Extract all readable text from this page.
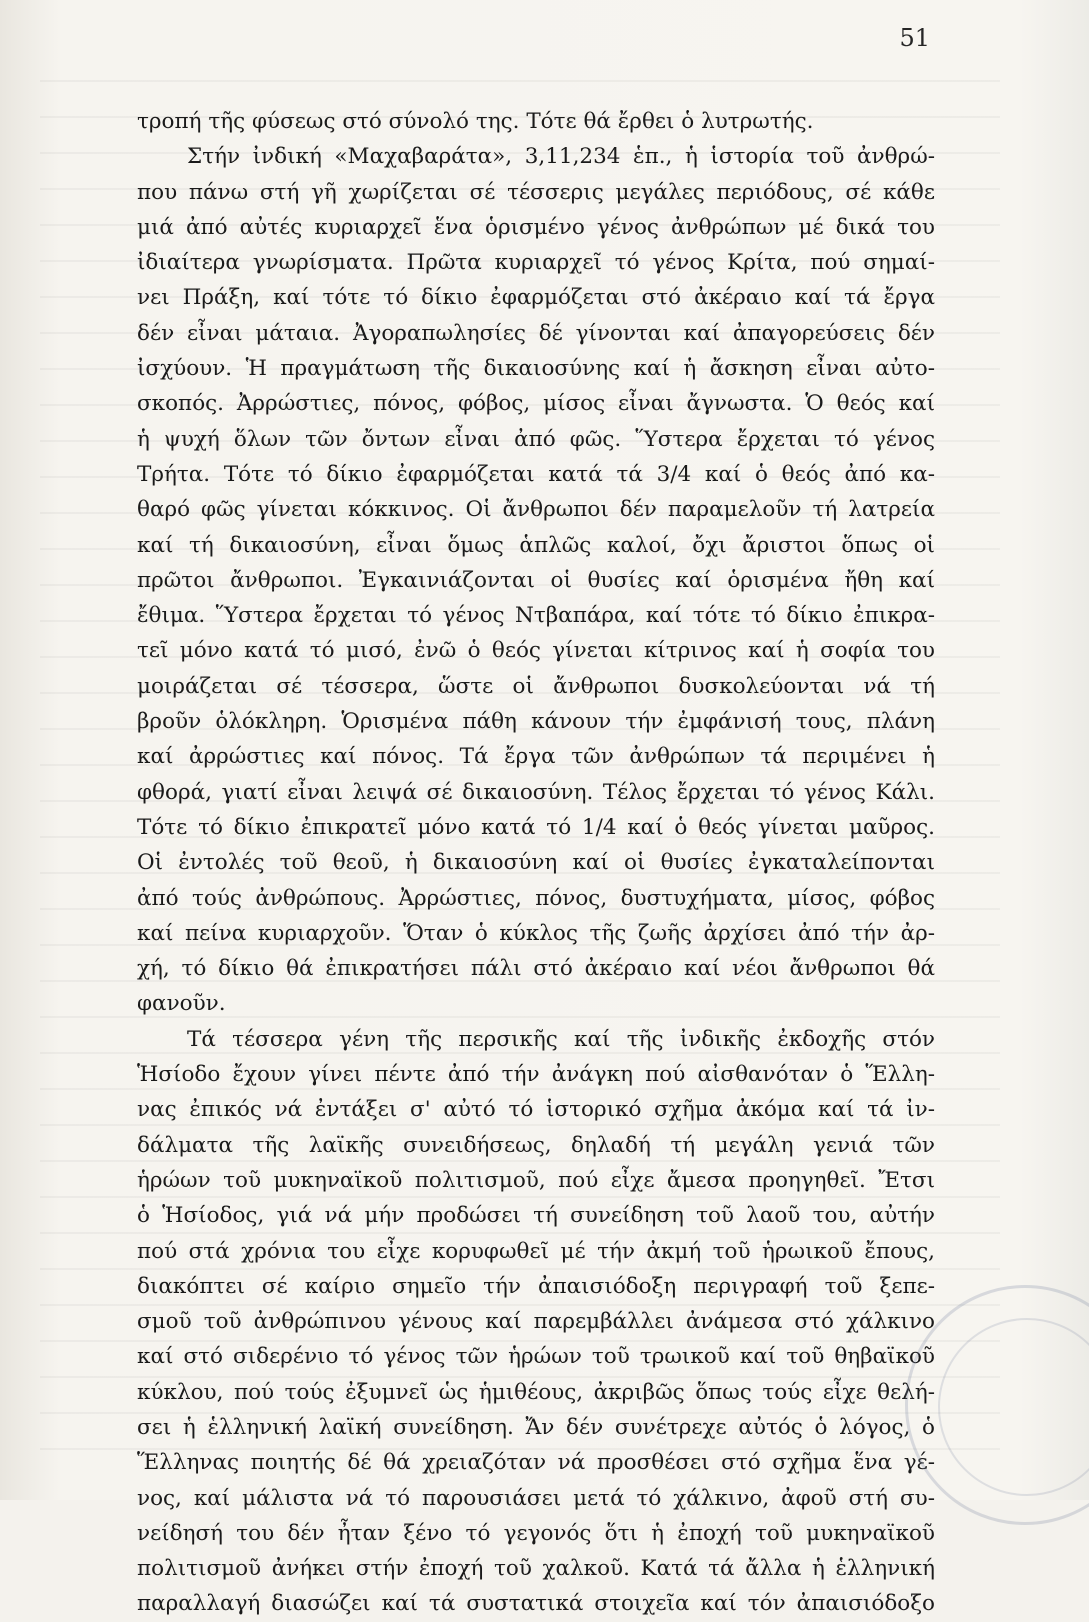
51
τροπή τῆς φύσεως στό σύνολό της. Τότε θά ἔρθει ὁ λυτρωτής.
Στήν ἰνδική «Μαχαβαράτα», 3,11,234 ἑπ., ἡ ἱστορία τοῦ ἀνθρώ-
που πάνω στή γῆ χωρίζεται σέ τέσσερις μεγάλες περιόδους, σέ κάθε
μιά ἀπό αὐτές κυριαρχεῖ ἕνα ὁρισμένο γένος ἀνθρώπων μέ δικά του
ἰδιαίτερα γνωρίσματα. Πρῶτα κυριαρχεῖ τό γένος Κρίτα, πού σημαί-
νει Πράξη, καί τότε τό δίκιο ἐφαρμόζεται στό ἀκέραιο καί τά ἔργα
δέν εἶναι μάταια. Ἀγοραπωλησίες δέ γίνονται καί ἀπαγορεύσεις δέν
ἰσχύουν. Ἡ πραγμάτωση τῆς δικαιοσύνης καί ἡ ἄσκηση εἶναι αὐτο-
σκοπός. Ἀρρώστιες, πόνος, φόβος, μίσος εἶναι ἄγνωστα. Ὁ θεός καί
ἡ ψυχή ὅλων τῶν ὄντων εἶναι ἀπό φῶς. Ὕστερα ἔρχεται τό γένος
Τρήτα. Τότε τό δίκιο ἐφαρμόζεται κατά τά 3/4 καί ὁ θεός ἀπό κα-
θαρό φῶς γίνεται κόκκινος. Οἱ ἄνθρωποι δέν παραμελοῦν τή λατρεία
καί τή δικαιοσύνη, εἶναι ὅμως ἁπλῶς καλοί, ὄχι ἄριστοι ὅπως οἱ
πρῶτοι ἄνθρωποι. Ἐγκαινιάζονται οἱ θυσίες καί ὁρισμένα ἤθη καί
ἔθιμα. Ὕστερα ἔρχεται τό γένος Ντβαπάρα, καί τότε τό δίκιο ἐπικρα-
τεῖ μόνο κατά τό μισό, ἐνῶ ὁ θεός γίνεται κίτρινος καί ἡ σοφία του
μοιράζεται σέ τέσσερα, ὥστε οἱ ἄνθρωποι δυσκολεύονται νά τή
βροῦν ὁλόκληρη. Ὁρισμένα πάθη κάνουν τήν ἐμφάνισή τους, πλάνη
καί ἀρρώστιες καί πόνος. Τά ἔργα τῶν ἀνθρώπων τά περιμένει ἡ
φθορά, γιατί εἶναι λειψά σέ δικαιοσύνη. Τέλος ἔρχεται τό γένος Κάλι.
Τότε τό δίκιο ἐπικρατεῖ μόνο κατά τό 1/4 καί ὁ θεός γίνεται μαῦρος.
Οἱ ἐντολές τοῦ θεοῦ, ἡ δικαιοσύνη καί οἱ θυσίες ἐγκαταλείπονται
ἀπό τούς ἀνθρώπους. Ἀρρώστιες, πόνος, δυστυχήματα, μίσος, φόβος
καί πείνα κυριαρχοῦν. Ὅταν ὁ κύκλος τῆς ζωῆς ἀρχίσει ἀπό τήν ἀρ-
χή, τό δίκιο θά ἐπικρατήσει πάλι στό ἀκέραιο καί νέοι ἄνθρωποι θά
φανοῦν.
Τά τέσσερα γένη τῆς περσικῆς καί τῆς ἰνδικῆς ἐκδοχῆς στόν
Ἡσίοδο ἔχουν γίνει πέντε ἀπό τήν ἀνάγκη πού αἰσθανόταν ὁ Ἕλλη-
νας ἐπικός νά ἐντάξει σ' αὐτό τό ἱστορικό σχῆμα ἀκόμα καί τά ἰν-
δάλματα τῆς λαϊκῆς συνειδήσεως, δηλαδή τή μεγάλη γενιά τῶν
ἡρώων τοῦ μυκηναϊκοῦ πολιτισμοῦ, πού εἶχε ἄμεσα προηγηθεῖ. Ἔτσι
ὁ Ἡσίοδος, γιά νά μήν προδώσει τή συνείδηση τοῦ λαοῦ του, αὐτήν
πού στά χρόνια του εἶχε κορυφωθεῖ μέ τήν ἀκμή τοῦ ἡρωικοῦ ἔπους,
διακόπτει σέ καίριο σημεῖο τήν ἀπαισιόδοξη περιγραφή τοῦ ξεπε-
σμοῦ τοῦ ἀνθρώπινου γένους καί παρεμβάλλει ἀνάμεσα στό χάλκινο
καί στό σιδερένιο τό γένος τῶν ἡρώων τοῦ τρωικοῦ καί τοῦ θηβαϊκοῦ
κύκλου, πού τούς ἐξυμνεῖ ὡς ἡμιθέους, ἀκριβῶς ὅπως τούς εἶχε θελή-
σει ἡ ἑλληνική λαϊκή συνείδηση. Ἄν δέν συνέτρεχε αὐτός ὁ λόγος, ὁ
Ἕλληνας ποιητής δέ θά χρειαζόταν νά προσθέσει στό σχῆμα ἕνα γέ-
νος, καί μάλιστα νά τό παρουσιάσει μετά τό χάλκινο, ἀφοῦ στή συ-
νείδησή του δέν ἦταν ξένο τό γεγονός ὅτι ἡ ἐποχή τοῦ μυκηναϊκοῦ
πολιτισμοῦ ἀνήκει στήν ἐποχή τοῦ χαλκοῦ. Κατά τά ἄλλα ἡ ἑλληνική
παραλλαγή διασώζει καί τά συστατικά στοιχεῖα καί τόν ἀπαισιόδοξο
